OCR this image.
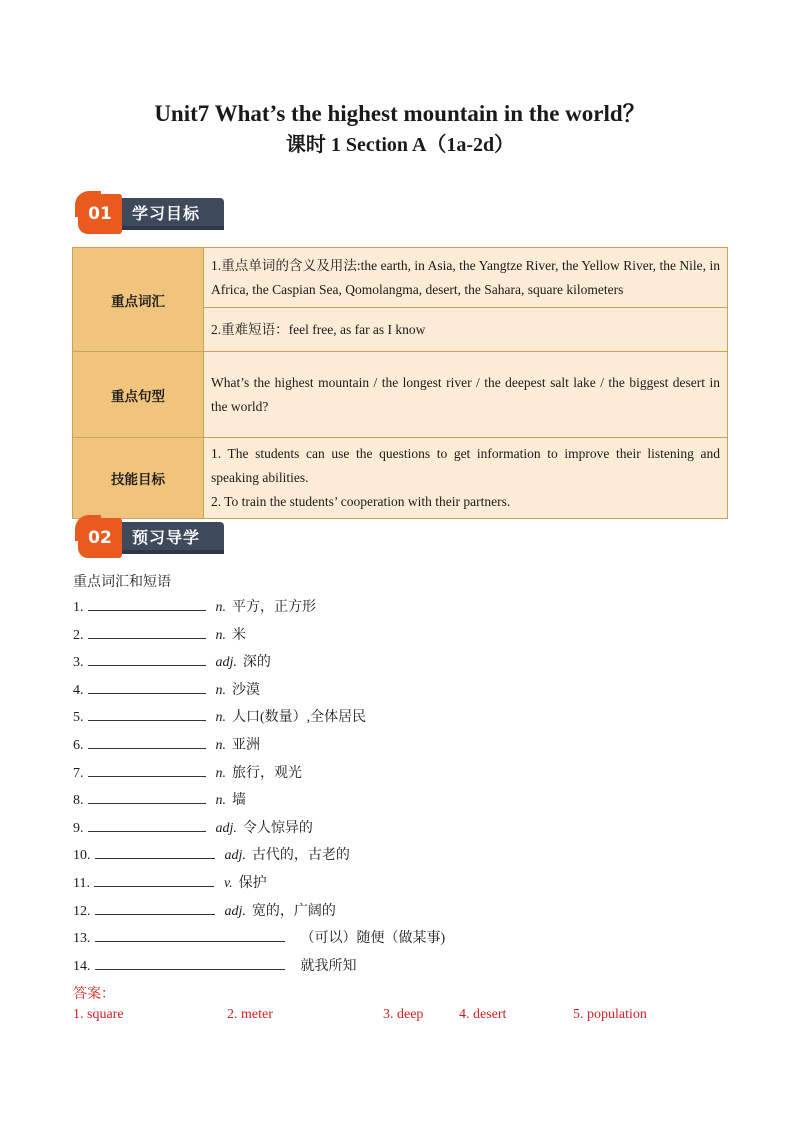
Unit7 What’s the highest mountain in the world？
课时 1 Section A（1a-2d）
01	学习目标
重点词汇	1.重点单词的含义及用法:the earth, in Asia, the Yangtze River, the Yellow River, the Nile, in Africa, the Caspian Sea, Qomolangma, desert, the Sahara, square kilometers
	2.重难短语：feel free, as far as I know
重点句型	What’s the highest mountain / the longest river / the deepest salt lake / the biggest desert in the world?
技能目标	1. The students can use the questions to get information to improve their listening and speaking abilities.
2. To train the students’ cooperation with their partners.
02	预习导学
重点词汇和短语
1.	n. 平方，正方形
2.	n. 米
3.	adj. 深的
4.	n. 沙漠
5.	n. 人口(数量）,全体居民
6.	n. 亚洲
7.	n. 旅行，观光
8.	n. 墙
9.	adj. 令人惊异的
10.	adj. 古代的，古老的
11.	v. 保护
12.	adj. 宽的，广阔的
13.	（可以）随便（做某事)
14.	就我所知
答案：
1. square	2. meter	3. deep	4. desert	5. population
